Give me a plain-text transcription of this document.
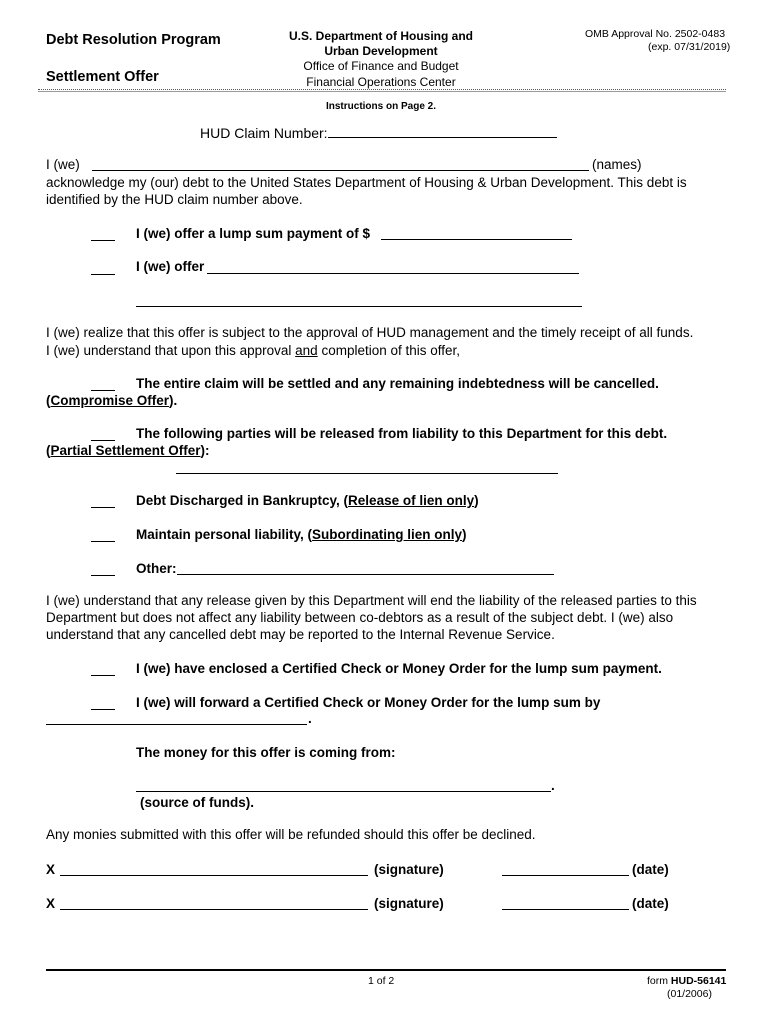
Debt Resolution Program
Settlement Offer
U.S. Department of Housing and
Urban Development
Office of Finance and Budget
Financial Operations Center
OMB Approval No. 2502-0483
(exp. 07/31/2019)
Instructions on Page 2.
HUD Claim Number:
I (we)	(names)
acknowledge my (our) debt to the United States Department of Housing & Urban Development. This debt is
identified by the HUD claim number above.
I (we) offer a lump sum payment of $
I (we) offer
I (we) realize that this offer is subject to the approval of HUD management and the timely receipt of all funds.
I (we) understand that upon this approval and completion of this offer,
The entire claim will be settled and any remaining indebtedness will be cancelled.
(Compromise Offer).
The following parties will be released from liability to this Department for this debt.
(Partial Settlement Offer):
Debt Discharged in Bankruptcy, (Release of lien only)
Maintain personal liability, (Subordinating lien only)
Other:
I (we) understand that any release given by this Department will end the liability of the released parties to this
Department but does not affect any liability between co-debtors as a result of the subject debt. I (we) also
understand that any cancelled debt may be reported to the Internal Revenue Service.
I (we) have enclosed a Certified Check or Money Order for the lump sum payment.
I (we) will forward a Certified Check or Money Order for the lump sum by
.
The money for this offer is coming from:
.
(source of funds).
Any monies submitted with this offer will be refunded should this offer be declined.
X	(signature)	(date)
X	(signature)	(date)
1 of 2	form HUD-56141
(01/2006)
